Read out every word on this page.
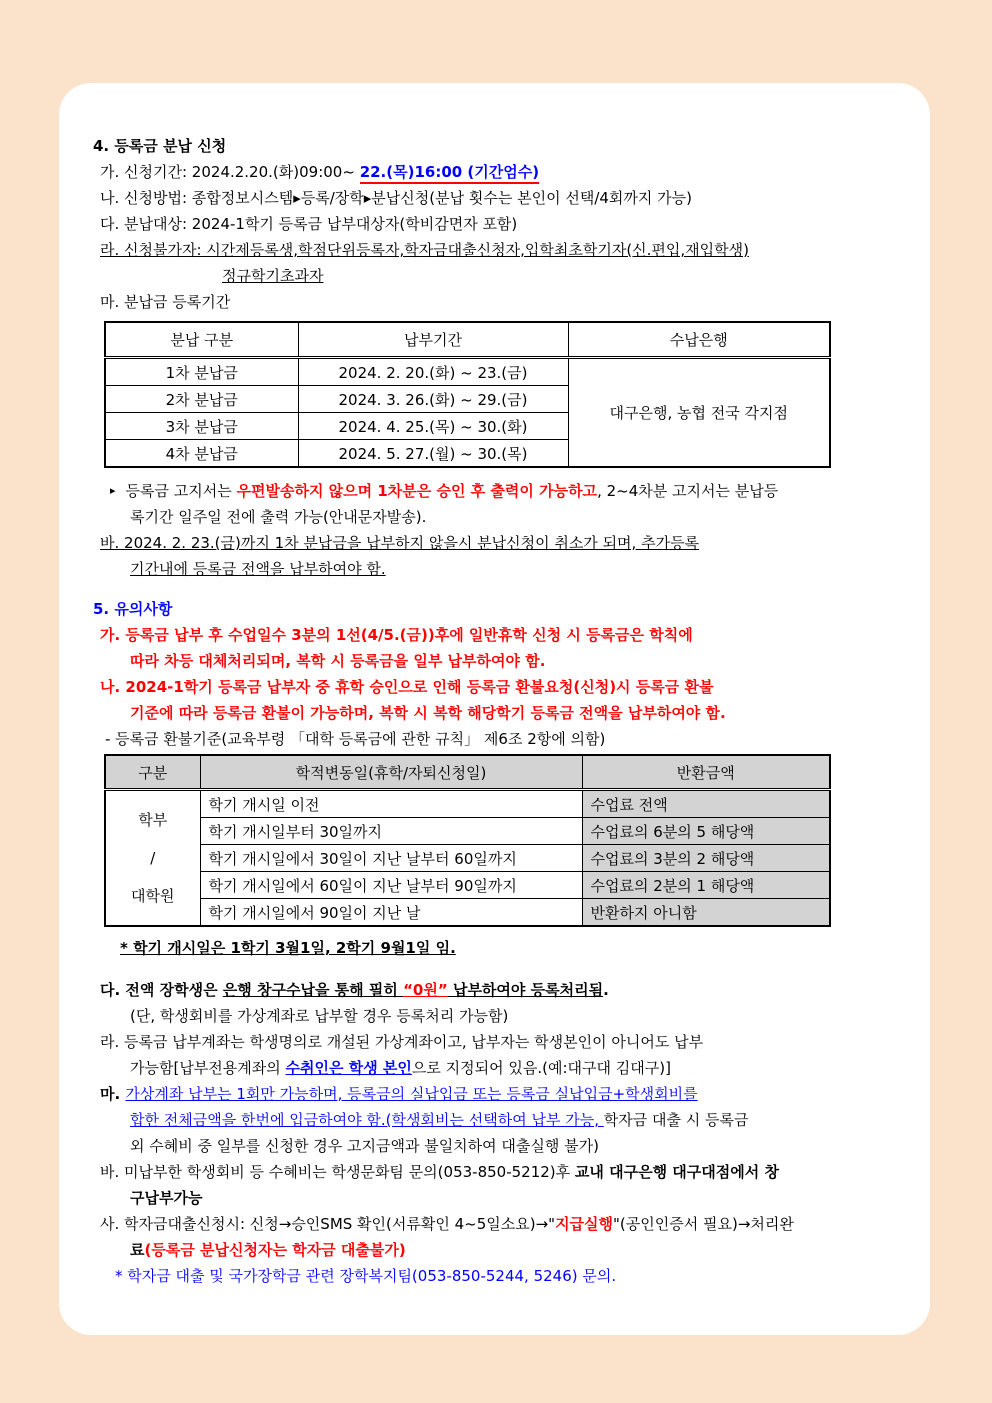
4. 등록금 분납 신청
가. 신청기간: 2024.2.20.(화)09:00~ 22.(목)16:00 (기간엄수)
나. 신청방법: 종합정보시스템▸등록/장학▸분납신청(분납 횟수는 본인이 선택/4회까지 가능)
다. 분납대상: 2024-1학기 등록금 납부대상자(학비감면자 포함)
라. 신청불가자: 시간제등록생,학점단위등록자,학자금대출신청자,입학최초학기자(신.편입,재입학생)
정규학기초과자
마. 분납금 등록기간
분납 구분	납부기간	수납은행
1차 분납금	2024. 2. 20.(화) ~ 23.(금)	대구은행, 농협 전국 각지점
2차 분납금	2024. 3. 26.(화) ~ 29.(금)	
3차 분납금	2024. 4. 25.(목) ~ 30.(화)	
4차 분납금	2024. 5. 27.(월) ~ 30.(목)	
▸ 등록금 고지서는 우편발송하지 않으며 1차분은 승인 후 출력이 가능하고, 2~4차분 고지서는 분납등
록기간 일주일 전에 출력 가능(안내문자발송).
바. 2024. 2. 23.(금)까지 1차 분납금을 납부하지 않을시 분납신청이 취소가 되며, 추가등록
기간내에 등록금 전액을 납부하여야 함.
5. 유의사항
가. 등록금 납부 후 수업일수 3분의 1선(4/5.(금))후에 일반휴학 신청 시 등록금은 학칙에
따라 차등 대체처리되며, 복학 시 등록금을 일부 납부하여야 함.
나. 2024-1학기 등록금 납부자 중 휴학 승인으로 인해 등록금 환불요청(신청)시 등록금 환불
기준에 따라 등록금 환불이 가능하며, 복학 시 복학 해당학기 등록금 전액을 납부하여야 함.
- 등록금 환불기준(교육부령 「대학 등록금에 관한 규칙」 제6조 2항에 의함)
구분	학적변동일(휴학/자퇴신청일)	반환금액

학부
/
대학원	학기 개시일 이전	수업료 전액
	학기 개시일부터 30일까지	수업료의 6분의 5 해당액
	학기 개시일에서 30일이 지난 날부터 60일까지	수업료의 3분의 2 해당액
	학기 개시일에서 60일이 지난 날부터 90일까지	수업료의 2분의 1 해당액
	학기 개시일에서 90일이 지난 날	반환하지 아니함
* 학기 개시일은 1학기 3월1일, 2학기 9월1일 임.
다. 전액 장학생은 은행 창구수납을 통해 필히 “0원” 납부하여야 등록처리됨.
(단, 학생회비를 가상계좌로 납부할 경우 등록처리 가능함)
라. 등록금 납부계좌는 학생명의로 개설된 가상계좌이고, 납부자는 학생본인이 아니어도 납부
가능함[납부전용계좌의 수취인은 학생 본인으로 지정되어 있음.(예:대구대 김대구)]
마. 가상계좌 납부는 1회만 가능하며, 등록금의 실납입금 또는 등록금 실납입금+학생회비를
합한 전체금액을 한번에 입금하여야 함.(학생회비는 선택하여 납부 가능, 학자금 대출 시 등록금
외 수혜비 중 일부를 신청한 경우 고지금액과 불일치하여 대출실행 불가)
바. 미납부한 학생회비 등 수혜비는 학생문화팀 문의(053-850-5212)후 교내 대구은행 대구대점에서 창
구납부가능
사. 학자금대출신청시: 신청→승인SMS 확인(서류확인 4~5일소요)→"지급실행"(공인인증서 필요)→처리완
료(등록금 분납신청자는 학자금 대출불가)
* 학자금 대출 및 국가장학금 관련 장학복지팀(053-850-5244, 5246) 문의.
